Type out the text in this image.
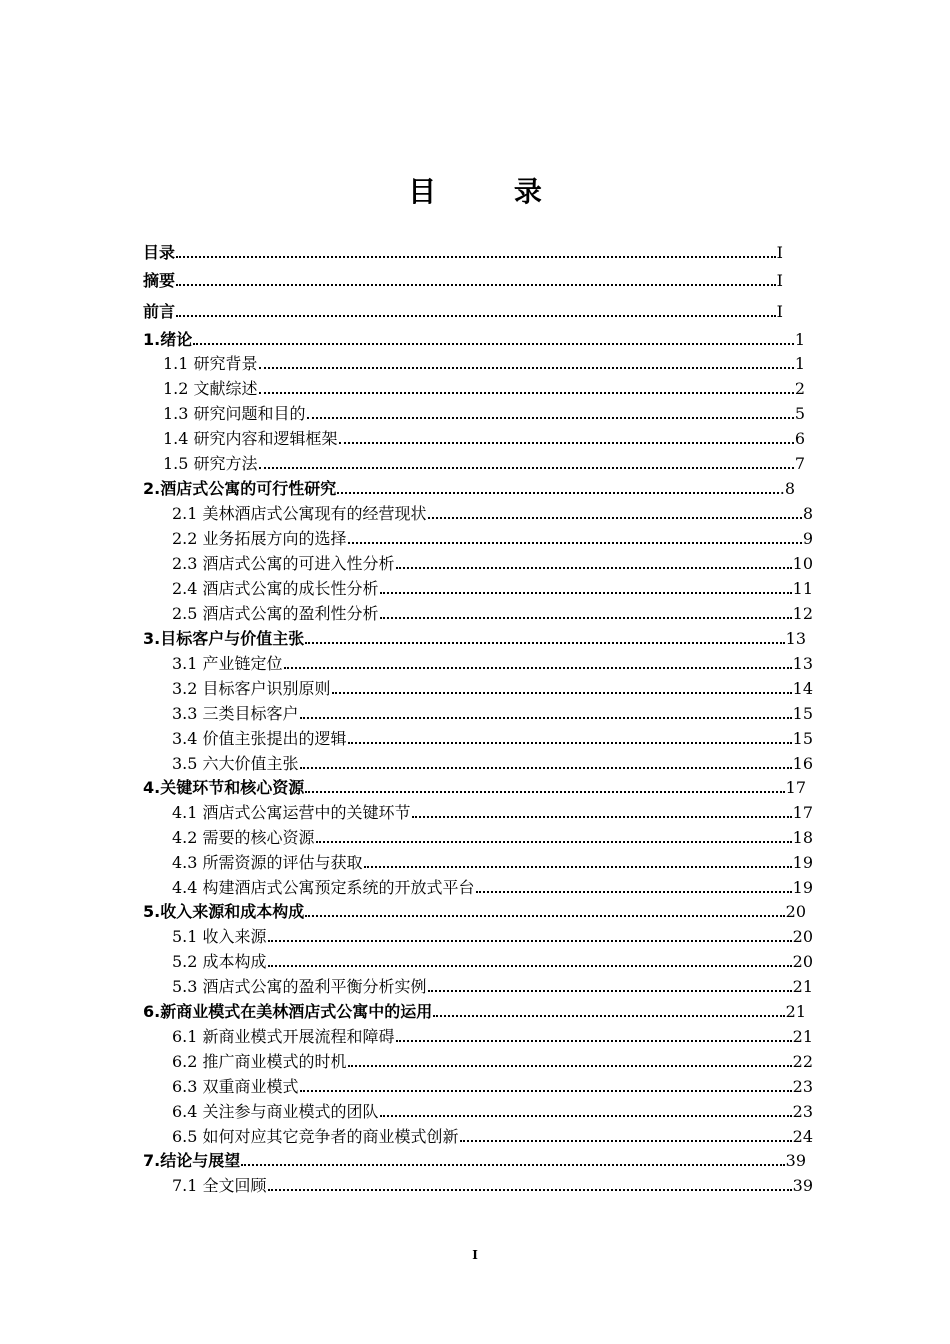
目 录
目录	I
摘要	I
前言	I
1.绪论	1
1.1 研究背景	1
1.2 文献综述	2
1.3 研究问题和目的	5
1.4 研究内容和逻辑框架	6
1.5 研究方法	7
2.酒店式公寓的可行性研究	.8
2.1 美林酒店式公寓现有的经营现状	8
2.2 业务拓展方向的选择	9
2.3 酒店式公寓的可进入性分析	10
2.4 酒店式公寓的成长性分析	11
2.5 酒店式公寓的盈利性分析	12
3.目标客户与价值主张	13
3.1 产业链定位	13
3.2 目标客户识别原则	14
3.3 三类目标客户	15
3.4 价值主张提出的逻辑	15
3.5 六大价值主张	16
4.关键环节和核心资源	17
4.1 酒店式公寓运营中的关键环节	17
4.2 需要的核心资源	18
4.3 所需资源的评估与获取	19
4.4 构建酒店式公寓预定系统的开放式平台	19
5.收入来源和成本构成	20
5.1 收入来源	20
5.2 成本构成	20
5.3 酒店式公寓的盈利平衡分析实例	21
6.新商业模式在美林酒店式公寓中的运用	21
6.1 新商业模式开展流程和障碍	21
6.2 推广商业模式的时机	22
6.3 双重商业模式	23
6.4 关注参与商业模式的团队	23
6.5 如何对应其它竞争者的商业模式创新	24
7.结论与展望	39
7.1 全文回顾	39
I
